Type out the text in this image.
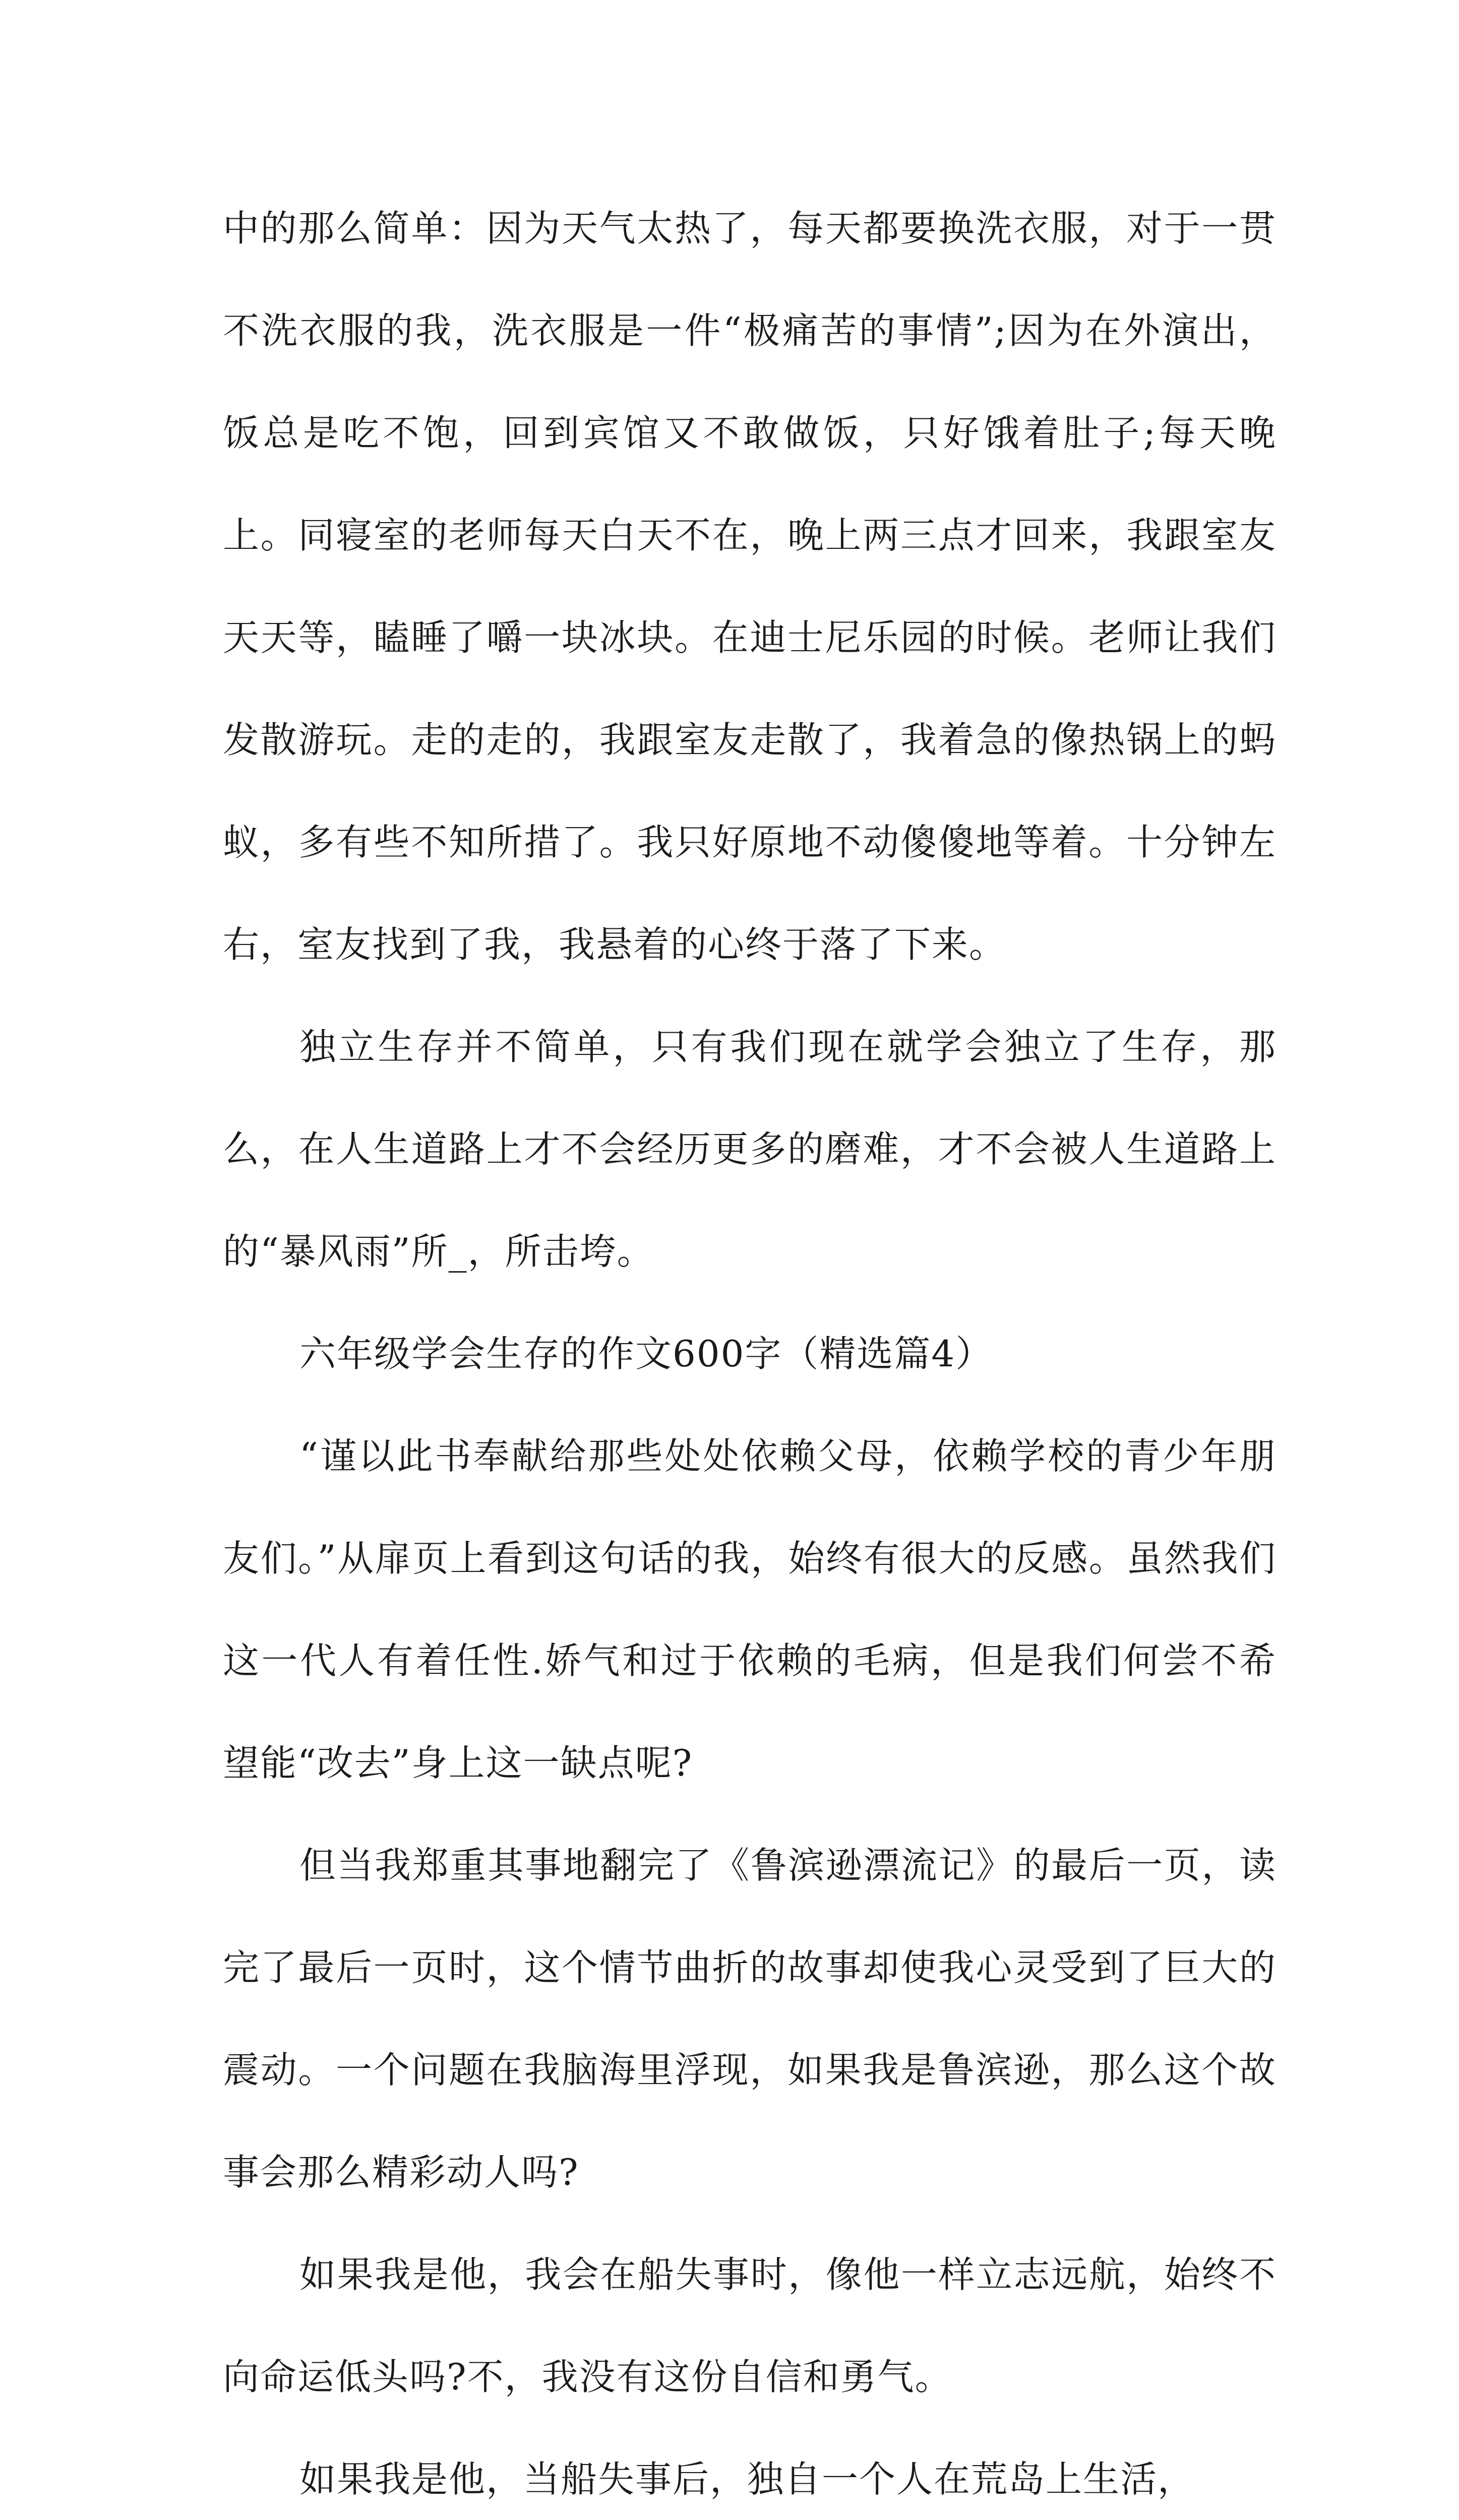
中的那么简单：因为天气太热了，每天都要换洗衣服，对于一贯不洗衣服的我，洗衣服是一件“极痛苦的事情”;因为在外演出，饭总是吃不饱，回到宾馆又不敢做饭，只好饿着肚子;每天晚上。同寝室的老师每天白天不在，晚上两三点才回来，我跟室友天天等，瞌睡了嚼一块冰块。在迪士尼乐园的时候。老师让我们发散游玩。走的走的，我跟室友走散了，我着急的像热锅上的蚂蚁，多有些不知所措了。我只好原地不动傻傻地等着。十分钟左右，室友找到了我，我悬着的心终于落了下来。

独立生存并不简单，只有我们现在就学会独立了生存，那么，在人生道路上才不会经历更多的磨难，才不会被人生道路上的“暴风雨”所_，所击垮。

六年级学会生存的作文600字（精选篇4）

“谨以此书奉献给那些处处依赖父母，依赖学校的青少年朋友们。”从扉页上看到这句话的我，始终有很大的反感。虽然我们这一代人有着任性.娇气和过于依赖的毛病，但是我们何尝不希望能“改去”身上这一缺点呢?

但当我郑重其事地翻完了《鲁滨逊漂流记》的最后一页，读完了最后一页时，这个情节曲折的故事却使我心灵受到了巨大的震动。一个问题在我脑海里浮现，如果我是鲁滨逊，那么这个故事会那么精彩动人吗?

如果我是他，我会在船失事时，像他一样立志远航，始终不向命运低头吗?不，我没有这份自信和勇气。

如果我是他，当船失事后，独自一个人在荒岛上生活，
